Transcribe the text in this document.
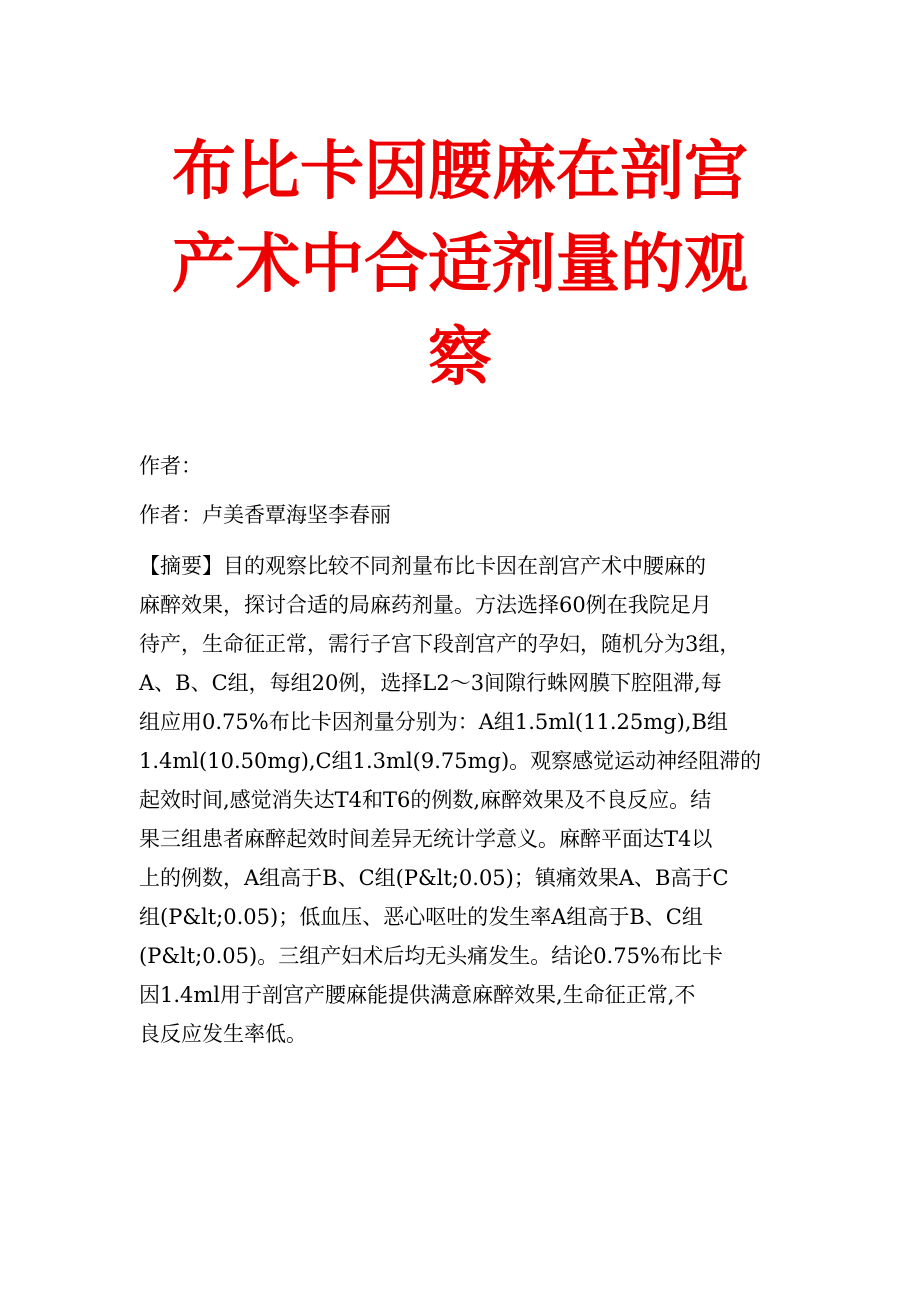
布比卡因腰麻在剖宫
产术中合适剂量的观
察
作者：
作者：卢美香覃海坚李春丽
【摘要】目的观察比较不同剂量布比卡因在剖宫产术中腰麻的
麻醉效果，探讨合适的局麻药剂量。方法选择60例在我院足月
待产，生命征正常，需行子宫下段剖宫产的孕妇，随机分为3组，
A、B、C组，每组20例，选择L2～3间隙行蛛网膜下腔阻滞,每
组应用0.75%布比卡因剂量分别为：A组1.5ml(11.25mg),B组
1.4ml(10.50mg),C组1.3ml(9.75mg)。观察感觉运动神经阻滞的
起效时间,感觉消失达T4和T6的例数,麻醉效果及不良反应。结
果三组患者麻醉起效时间差异无统计学意义。麻醉平面达T4以
上的例数，A组高于B、C组(P&lt;0.05)；镇痛效果A、B高于C
组(P&lt;0.05)；低血压、恶心呕吐的发生率A组高于B、C组
(P&lt;0.05)。三组产妇术后均无头痛发生。结论0.75%布比卡
因1.4ml用于剖宫产腰麻能提供满意麻醉效果,生命征正常,不
良反应发生率低。
